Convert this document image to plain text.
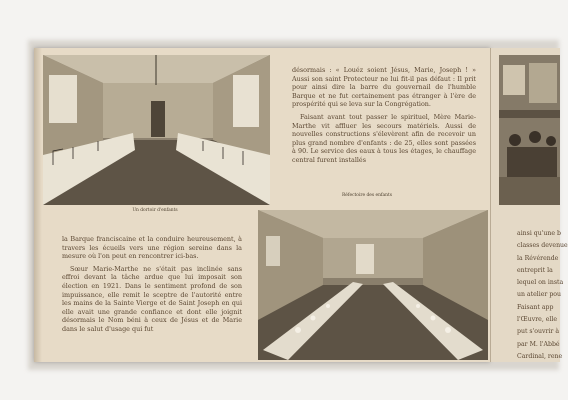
Un dortoir d'enfants
Réfectoire des enfants

désormais : « Louéz soient Jésus, Marie, Joseph ! » Aussi son saint Protecteur ne lui fit-il pas défaut : Il prit pour ainsi dire la barre du gouvernail de l'humble Barque et ne fut certainement pas étranger à l'ère de prospérité qui se leva sur la Congrégation.

Faisant avant tout passer le spirituel, Mère Marie-Marthe vit affluer les secours matériels. Aussi de nouvelles constructions s'élevèrent afin de recevoir un plus grand nombre d'enfants : de 25, elles sont passées à 90. Le service des eaux à tous les étages, le chauffage central furent installés

la Barque franciscaine et la conduire heureusement, à travers les écueils vers une région sereine dans la mesure où l'on peut en rencontrer ici-bas.

Sœur Marie-Marthe ne s'était pas inclinée sans effroi devant la tâche ardue que lui imposait son élection en 1921. Dans le sentiment profond de son impuissance, elle remit le sceptre de l'autorité entre les mains de la Sainte Vierge et de Saint Joseph en qui elle avait une grande confiance et dont elle joignit désormais le Nom béni à ceux de Jésus et de Marie dans le salut d'usage qui fut

ainsi qu'une b
classes devenue
la Révérende
entreprit la
lequel on insta
un atelier pou
Faisant app
l'Œuvre, elle
put s'ouvrir à
par M. l'Abbé
Cardinal, rene
